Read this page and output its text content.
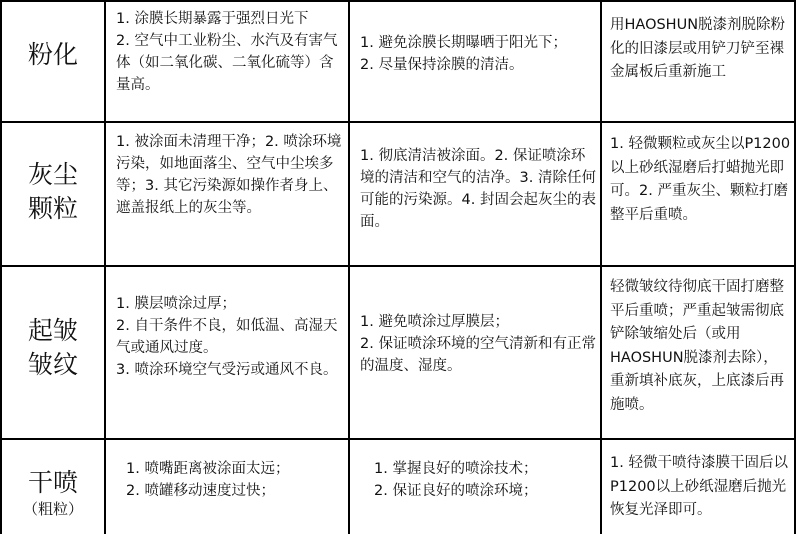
粉化
1. 涂膜长期暴露于强烈日光下
2. 空气中工业粉尘、水汽及有害气体（如二氧化碳、二氧化硫等）含量高。
1. 避免涂膜长期曝晒于阳光下；
2. 尽量保持涂膜的清洁。
用HAOSHUN脱漆剂脱除粉化的旧漆层或用铲刀铲至裸金属板后重新施工
灰尘
颗粒
1. 被涂面未清理干净；2. 喷涂环境污染，如地面落尘、空气中尘埃多等；3. 其它污染源如操作者身上、遮盖报纸上的灰尘等。
1. 彻底清洁被涂面。2. 保证喷涂环境的清洁和空气的洁净。3. 清除任何可能的污染源。4. 封固会起灰尘的表面。
1. 轻微颗粒或灰尘以P1200以上砂纸湿磨后打蜡抛光即可。2. 严重灰尘、颗粒打磨整平后重喷。
起皱
皱纹
1. 膜层喷涂过厚；
2. 自干条件不良，如低温、高湿天气或通风过度。
3. 喷涂环境空气受污或通风不良。
1. 避免喷涂过厚膜层；
2. 保证喷涂环境的空气清新和有正常的温度、湿度。
轻微皱纹待彻底干固打磨整平后重喷；严重起皱需彻底铲除皱缩处后（或用HAOSHUN脱漆剂去除），重新填补底灰，上底漆后再施喷。
干喷
（粗粒）
1. 喷嘴距离被涂面太远；
2. 喷罐移动速度过快；
1. 掌握良好的喷涂技术；
2. 保证良好的喷涂环境；
1. 轻微干喷待漆膜干固后以P1200以上砂纸湿磨后抛光恢复光泽即可。
